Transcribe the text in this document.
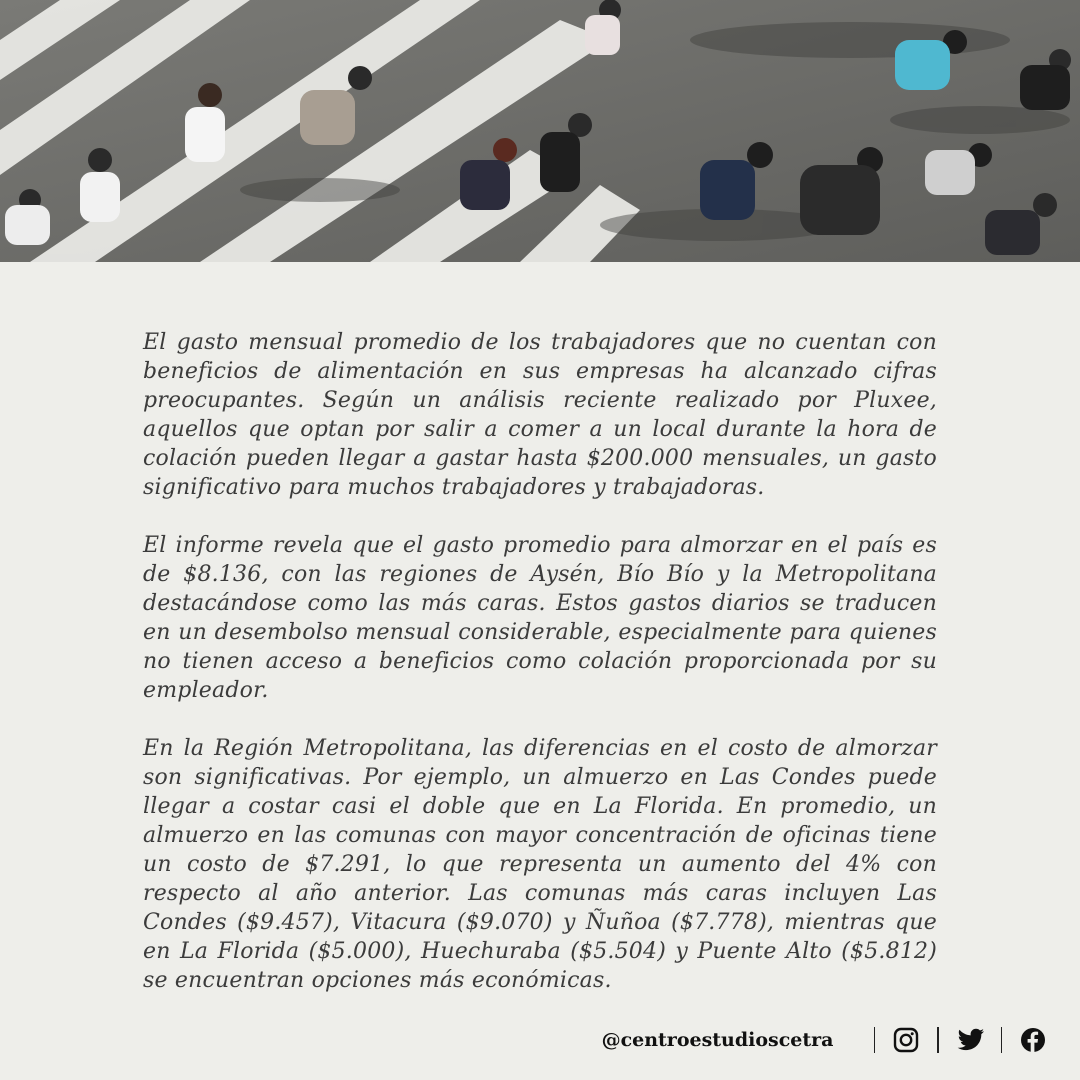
El gasto mensual promedio de los trabajadores que no cuentan con beneficios de alimentación en sus empresas ha alcanzado cifras preocupantes. Según un análisis reciente realizado por Pluxee, aquellos que optan por salir a comer a un local durante la hora de colación pueden llegar a gastar hasta $200.000 mensuales, un gasto significativo para muchos trabajadores y trabajadoras.

El informe revela que el gasto promedio para almorzar en el país es de $8.136, con las regiones de Aysén, Bío Bío y la Metropolitana destacándose como las más caras. Estos gastos diarios se traducen en un desembolso mensual considerable, especialmente para quienes no tienen acceso a beneficios como colación proporcionada por su empleador.

En la Región Metropolitana, las diferencias en el costo de almorzar son significativas. Por ejemplo, un almuerzo en Las Condes puede llegar a costar casi el doble que en La Florida. En promedio, un almuerzo en las comunas con mayor concentración de oficinas tiene un costo de $7.291, lo que representa un aumento del 4% con respecto al año anterior. Las comunas más caras incluyen Las Condes ($9.457), Vitacura ($9.070) y Ñuñoa ($7.778), mientras que en La Florida ($5.000), Huechuraba ($5.504) y Puente Alto ($5.812) se encuentran opciones más económicas.

@centroestudioscetra
